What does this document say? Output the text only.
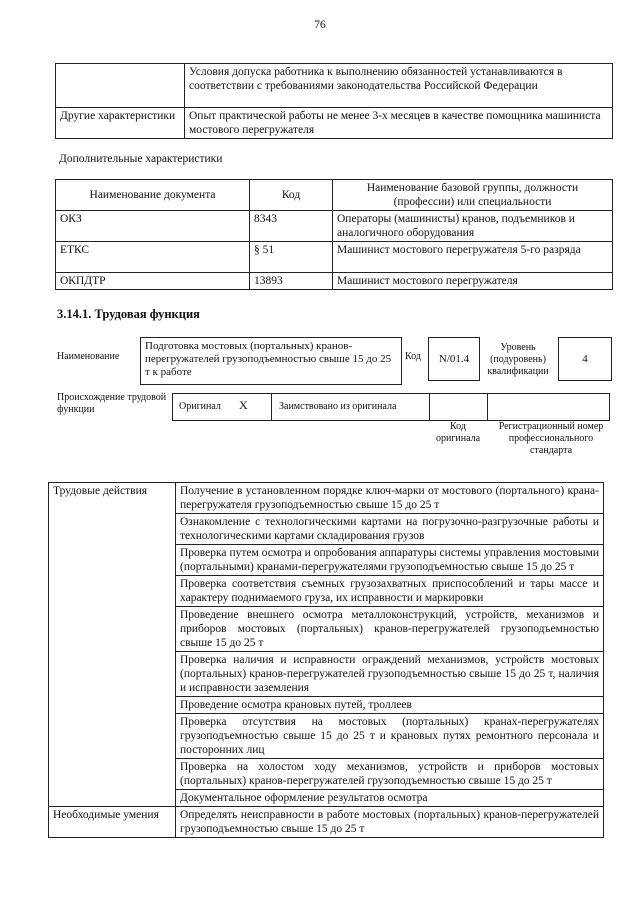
76
	Условия допуска работника к выполнению обязанностей устанавливаются в соответствии с требованиями законодательства Российской Федерации
Другие характеристики	Опыт практической работы не менее 3-х месяцев в качестве помощника машиниста мостового перегружателя
Дополнительные характеристики
Наименование документа	Код	Наименование базовой группы, должности (профессии) или специальности
ОКЗ	8343	Операторы (машинисты) кранов, подъемников и аналогичного оборудования
ЕТКС	§ 51	Машинист мостового перегружателя 5-го разряда
ОКПДТР	13893	Машинист мостового перегружателя
3.14.1. Трудовая функция
Наименование
Подготовка мостовых (портальных) кранов-перегружателей грузоподъемностью свыше 15 до 25 т к работе
Код	N/01.4
Уровень (подуровень) квалификации
4
Происхождение трудовой функции	Оригинал X	Заимствовано из оригинала
Код оригинала
Регистрационный номер профессионального стандарта
Трудовые действия	Получение в установленном порядке ключ-марки от мостового (портального) крана-перегружателя грузоподъемностью свыше 15 до 25 т
	Ознакомление с технологическими картами на погрузочно-разгрузочные работы и технологическими картами складирования грузов
	Проверка путем осмотра и опробования аппаратуры системы управления мостовыми (портальными) кранами-перегружателями грузоподъемностью свыше 15 до 25 т
	Проверка соответствия съемных грузозахватных приспособлений и тары массе и характеру поднимаемого груза, их исправности и маркировки
	Проведение внешнего осмотра металлоконструкций, устройств, механизмов и приборов мостовых (портальных) кранов-перегружателей грузоподъемностью свыше 15 до 25 т
	Проверка наличия и исправности ограждений механизмов, устройств мостовых (портальных) кранов-перегружателей грузоподъемностью свыше 15 до 25 т, наличия и исправности заземления
	Проведение осмотра крановых путей, троллеев
	Проверка отсутствия на мостовых (портальных) кранах-перегружателях грузоподъемностью свыше 15 до 25 т и крановых путях ремонтного персонала и посторонних лиц
	Проверка на холостом ходу механизмов, устройств и приборов мостовых (портальных) кранов-перегружателей грузоподъемностью свыше 15 до 25 т
	Документальное оформление результатов осмотра
Необходимые умения	Определять неисправности в работе мостовых (портальных) кранов-перегружателей грузоподъемностью свыше 15 до 25 т
